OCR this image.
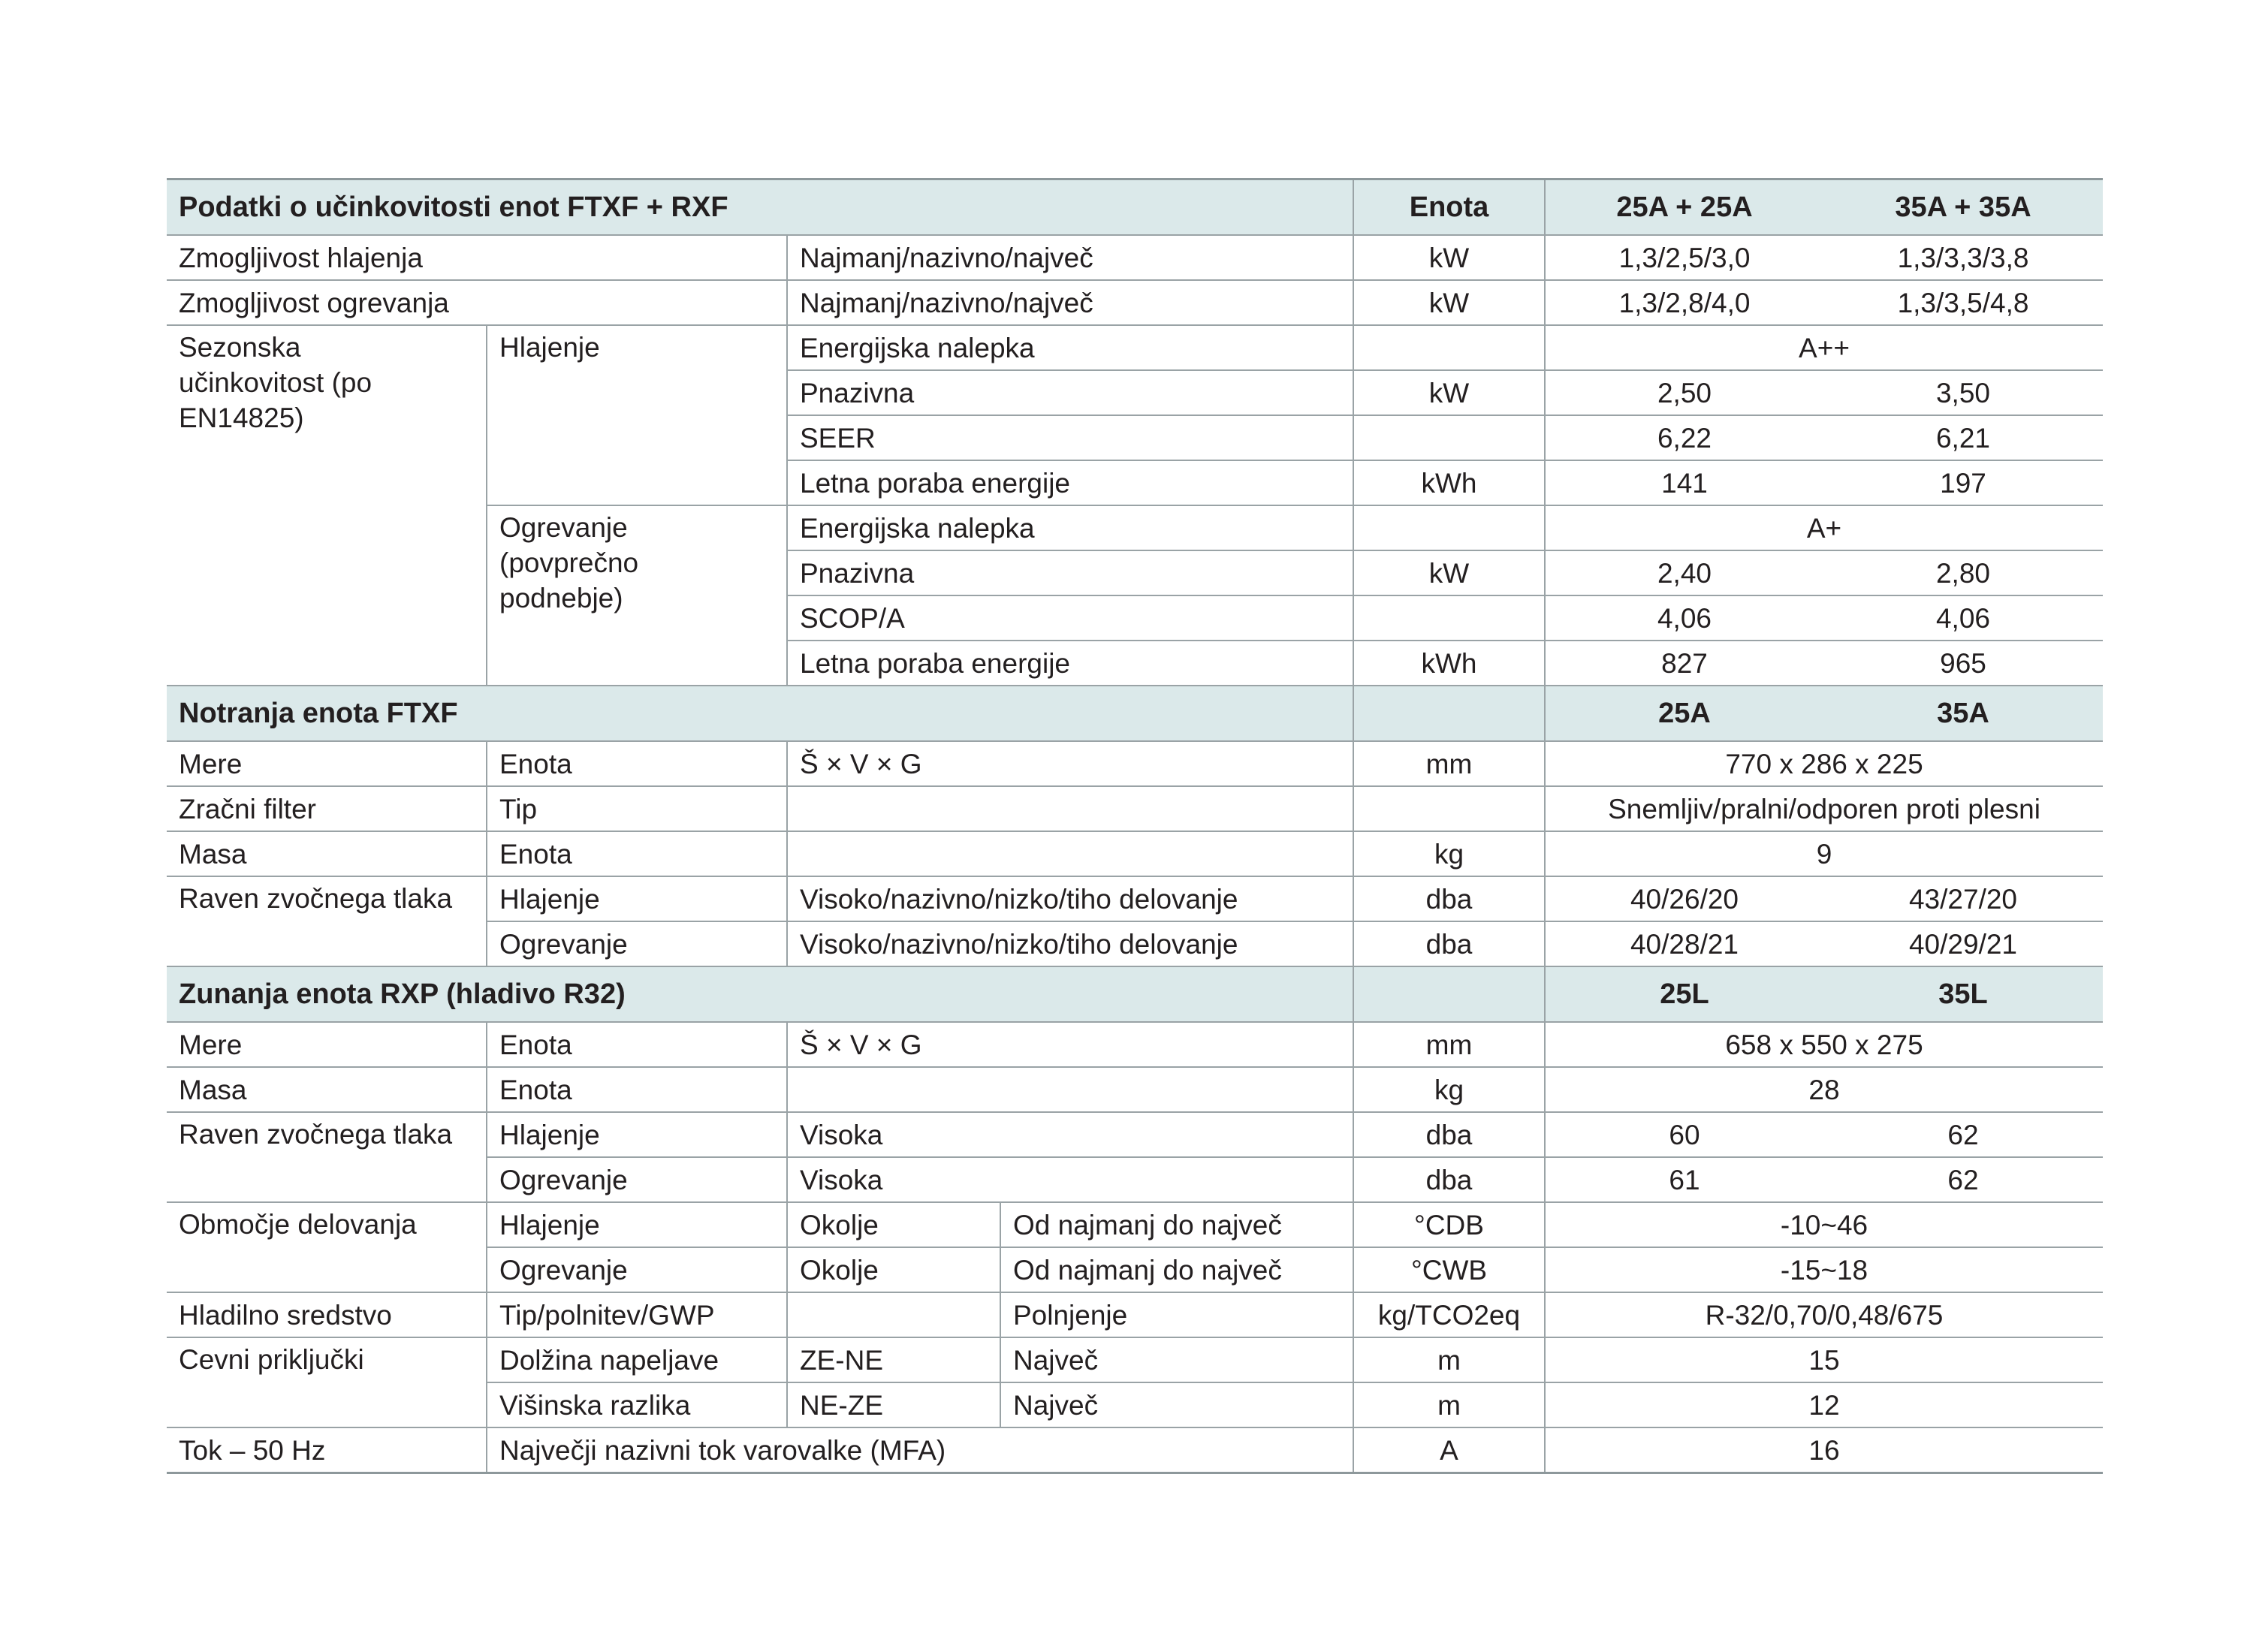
Podatki o učinkovitosti enot FTXF + RXF				Enota	25A + 25A	35A + 35A
Zmogljivost hlajenja		Najmanj/nazivno/največ		kW	1,3/2,5/3,0	1,3/3,3/3,8
Zmogljivost ogrevanja		Najmanj/nazivno/največ		kW	1,3/2,8/4,0	1,3/3,5/4,8
Sezonska učinkovitost (po EN14825)	Hlajenje	Energijska nalepka			A++	
		Pnazivna		kW	2,50	3,50
		SEER			6,22	6,21
		Letna poraba energije		kWh	141	197
	Ogrevanje (povprečno podnebje)	Energijska nalepka			A+	
		Pnazivna		kW	2,40	2,80
		SCOP/A			4,06	4,06
		Letna poraba energije		kWh	827	965
Notranja enota FTXF					25A	35A
Mere	Enota	Š × V × G		mm	770 x 286 x 225	
Zračni filter	Tip				Snemljiv/pralni/odporen proti plesni	
Masa	Enota			kg	9	
Raven zvočnega tlaka	Hlajenje	Visoko/nazivno/nizko/tiho delovanje		dba	40/26/20	43/27/20
	Ogrevanje	Visoko/nazivno/nizko/tiho delovanje		dba	40/28/21	40/29/21
Zunanja enota RXP (hladivo R32)					25L	35L
Mere	Enota	Š × V × G		mm	658 x 550 x 275	
Masa	Enota			kg	28	
Raven zvočnega tlaka	Hlajenje	Visoka		dba	60	62
	Ogrevanje	Visoka		dba	61	62
Območje delovanja	Hlajenje	Okolje	Od najmanj do največ	°CDB	-10~46	
	Ogrevanje	Okolje	Od najmanj do največ	°CWB	-15~18	
Hladilno sredstvo	Tip/polnitev/GWP		Polnjenje	kg/TCO2eq	R-32/0,70/0,48/675	
Cevni priključki	Dolžina napeljave	ZE-NE	Največ	m	15	
	Višinska razlika	NE-ZE	Največ	m	12	
Tok – 50 Hz	Največji nazivni tok varovalke (MFA)			A	16	
